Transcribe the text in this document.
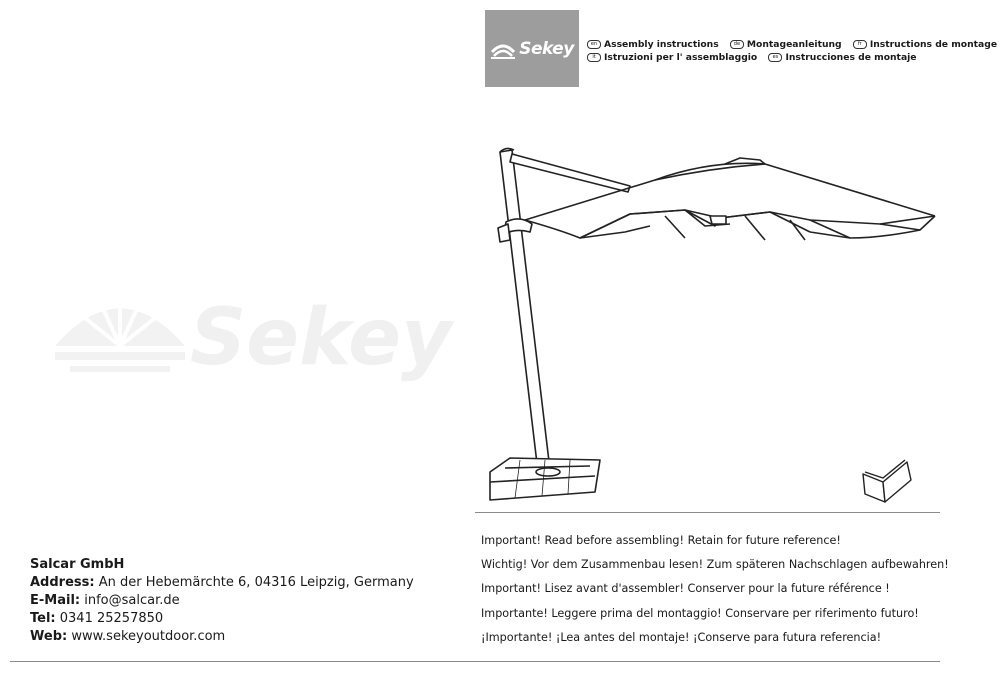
Sekey	en Assembly instructions	de Montageanleitung	fr Instructions de montage
it Istruzioni per l' assemblaggio	es Instrucciones de montaje
Sekey
Important! Read before assembling! Retain for future reference!
Wichtig! Vor dem Zusammenbau lesen! Zum späteren Nachschlagen aufbewahren!
Important! Lisez avant d'assembler! Conserver pour la future référence !
Importante! Leggere prima del montaggio! Conservare per riferimento futuro!
¡Importante! ¡Lea antes del montaje! ¡Conserve para futura referencia!
Salcar GmbH
Address: An der Hebemärchte 6, 04316 Leipzig, Germany
E-Mail: info@salcar.de
Tel: 0341 25257850
Web: www.sekeyoutdoor.com
